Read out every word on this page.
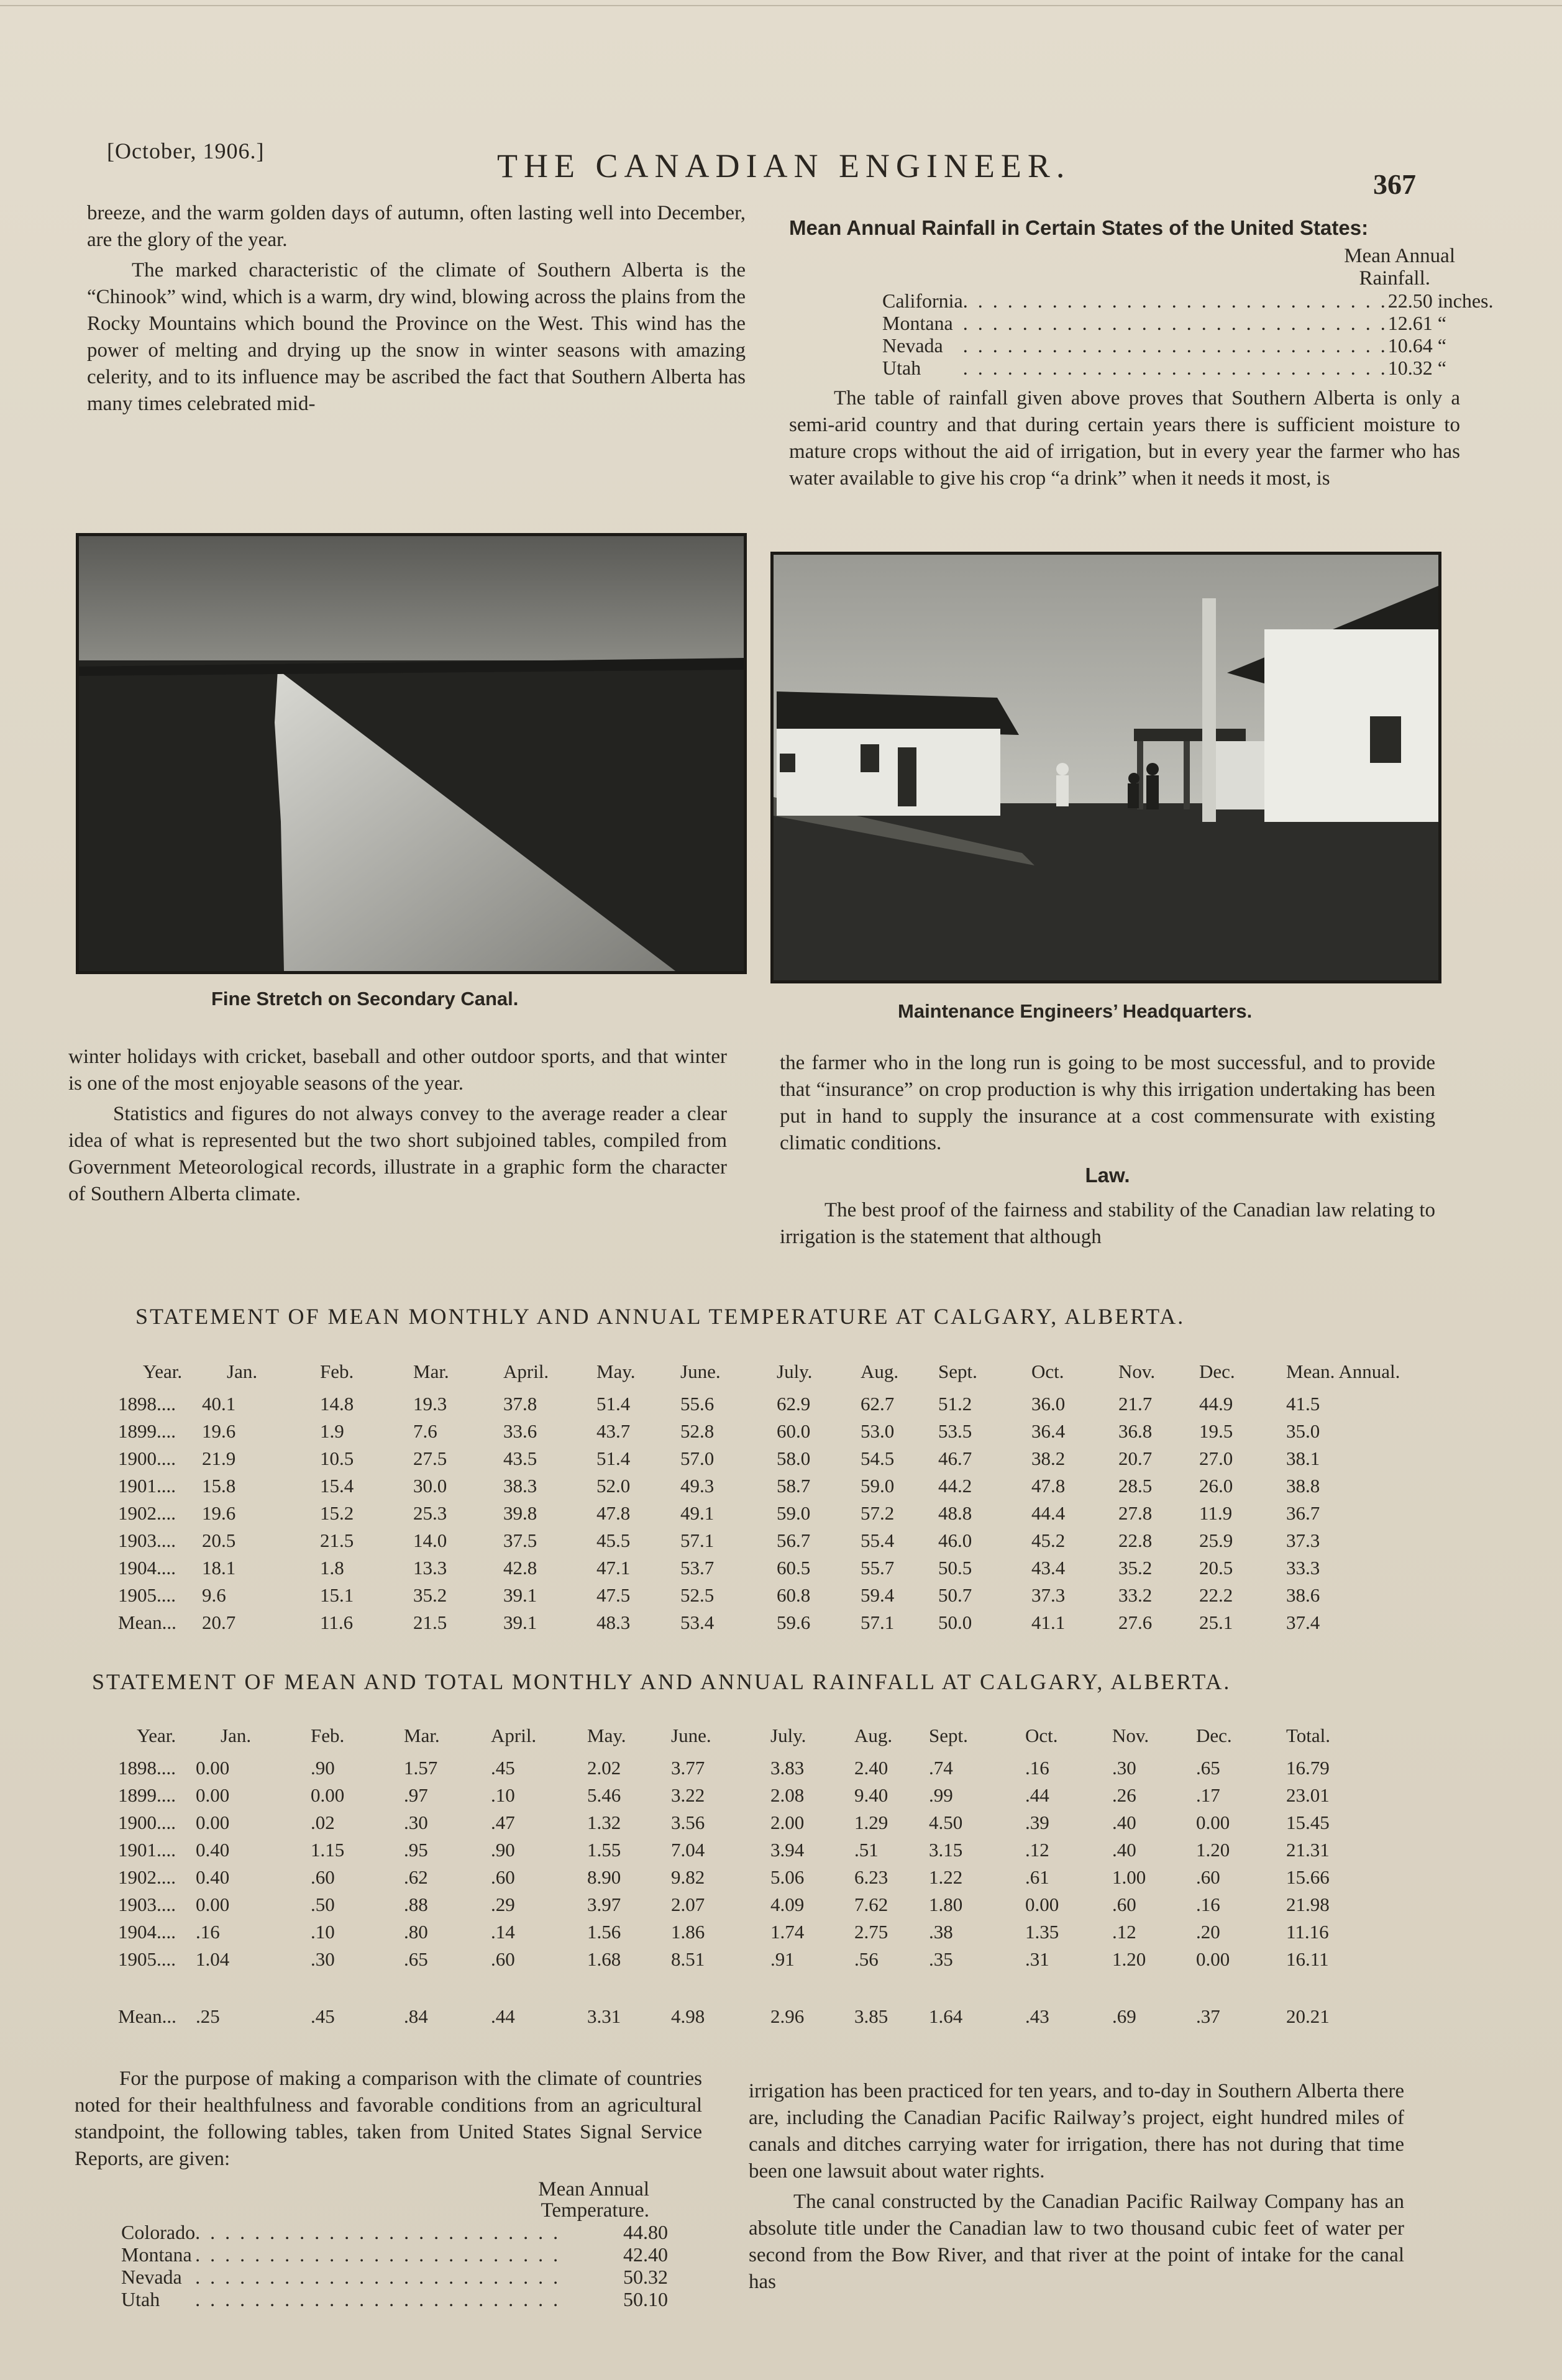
[October, 1906.]	THE CANADIAN ENGINEER.	367

breeze, and the warm golden days of autumn, often lasting well into December, are the glory of the year.

The marked characteristic of the climate of Southern Alberta is the “Chinook” wind, which is a warm, dry wind, blowing across the plains from the Rocky Mountains which bound the Province on the West. This wind has the power of melting and drying up the snow in winter seasons with amazing celerity, and to its influence may be ascribed the fact that Southern Alberta has many times celebrated mid-

Mean Annual Rainfall in Certain States of the United States:
Mean Annual
Rainfall.
California	. . . . . . . . . . . . . . . . . . . . . . . . . . . . .	22.50 inches.
Montana	. . . . . . . . . . . . . . . . . . . . . . . . . . . . .	12.61 “
Nevada	. . . . . . . . . . . . . . . . . . . . . . . . . . . . .	10.64 “
Utah	. . . . . . . . . . . . . . . . . . . . . . . . . . . . .	10.32 “

The table of rainfall given above proves that Southern Alberta is only a semi-arid country and that during certain years there is sufficient moisture to mature crops without the aid of irrigation, but in every year the farmer who has water available to give his crop “a drink” when it needs it most, is

Fine Stretch on Secondary Canal.
Maintenance Engineers’ Headquarters.

winter holidays with cricket, baseball and other outdoor sports, and that winter is one of the most enjoyable seasons of the year.

Statistics and figures do not always convey to the average reader a clear idea of what is represented but the two short subjoined tables, compiled from Government Meteorological records, illustrate in a graphic form the character of Southern Alberta climate.

the farmer who in the long run is going to be most successful, and to provide that “insurance” on crop production is why this irrigation undertaking has been put in hand to supply the insurance at a cost commensurate with existing climatic conditions.

Law.

The best proof of the fairness and stability of the Canadian law relating to irrigation is the statement that although

STATEMENT OF MEAN MONTHLY AND ANNUAL TEMPERATURE AT CALGARY, ALBERTA.
Year. Jan.	Feb.	Mar.	April. May. June.	July.	Aug. Sept.	Oct.	Nov. Dec.	Mean. Annual.
1898.... 40.1	14.8	19.3	37.8	51.4	55.6	62.9	62.7 51.2	36.0	21.7 44.9	41.5
1899.... 19.6	1.9	7.6	33.6	43.7	52.8	60.0	53.0 53.5	36.4	36.8 19.5	35.0
1900.... 21.9	10.5	27.5	43.5	51.4	57.0	58.0	54.5 46.7	38.2	20.7 27.0	38.1
1901.... 15.8	15.4	30.0	38.3	52.0	49.3	58.7	59.0 44.2	47.8	28.5 26.0	38.8
1902.... 19.6	15.2	25.3	39.8	47.8	49.1	59.0	57.2 48.8	44.4	27.8 11.9	36.7
1903.... 20.5	21.5	14.0	37.5	45.5	57.1	56.7	55.4 46.0	45.2	22.8 25.9	37.3
1904.... 18.1	1.8	13.3	42.8	47.1	53.7	60.5	55.7 50.5	43.4	35.2 20.5	33.3
1905.... 9.6	15.1	35.2	39.1	47.5	52.5	60.8	59.4 50.7	37.3	33.2 22.2	38.6
Mean... 20.7	11.6	21.5	39.1	48.3	53.4	59.6	57.1 50.0	41.1	27.6 25.1	37.4
STATEMENT OF MEAN AND TOTAL MONTHLY AND ANNUAL RAINFALL AT CALGARY, ALBERTA.
Year. Jan.	Feb.	Mar.	April.	May. June.	July.	Aug. Sept.	Oct.	Nov. Dec.	Total.
1898.... 0.00	.90	1.57	.45	2.02	3.77	3.83	2.40 .74	.16	.30	.65	16.79
1899.... 0.00	0.00	.97	.10	5.46	3.22	2.08	9.40 .99	.44	.26	.17	23.01
1900.... 0.00	.02	.30	.47	1.32	3.56	2.00	1.29 4.50	.39	.40	0.00	15.45
1901.... 0.40	1.15	.95	.90	1.55	7.04	3.94	.51	3.15	.12	.40	1.20	21.31
1902.... 0.40	.60	.62	.60	8.90	9.82	5.06	6.23 1.22	.61	1.00	.60	15.66
1903.... 0.00	.50	.88	.29	3.97	2.07	4.09	7.62 1.80	0.00	.60	.16	21.98
1904.... .16	.10	.80	.14	1.56	1.86	1.74	2.75 .38	1.35	.12	.20	11.16
1905.... 1.04	.30	.65	.60	1.68	8.51	.91	.56	.35	.31	1.20	0.00	16.11
Mean... .25	.45	.84	.44	3.31	4.98	2.96	3.85 1.64	.43	.69	.37	20.21

For the purpose of making a comparison with the climate of countries noted for their healthfulness and favorable conditions from an agricultural standpoint, the following tables, taken from United States Signal Service Reports, are given:

Mean Annual
Temperature.
Colorado	. . . . . . . . . . . . . . . . . . . . . . . . .	44.80
Montana	. . . . . . . . . . . . . . . . . . . . . . . . .	42.40
Nevada	. . . . . . . . . . . . . . . . . . . . . . . . .	50.32
Utah	. . . . . . . . . . . . . . . . . . . . . . . . .	50.10

irrigation has been practiced for ten years, and to-day in Southern Alberta there are, including the Canadian Pacific Railway’s project, eight hundred miles of canals and ditches carrying water for irrigation, there has not during that time been one lawsuit about water rights.

The canal constructed by the Canadian Pacific Railway Company has an absolute title under the Canadian law to two thousand cubic feet of water per second from the Bow River, and that river at the point of intake for the canal has
